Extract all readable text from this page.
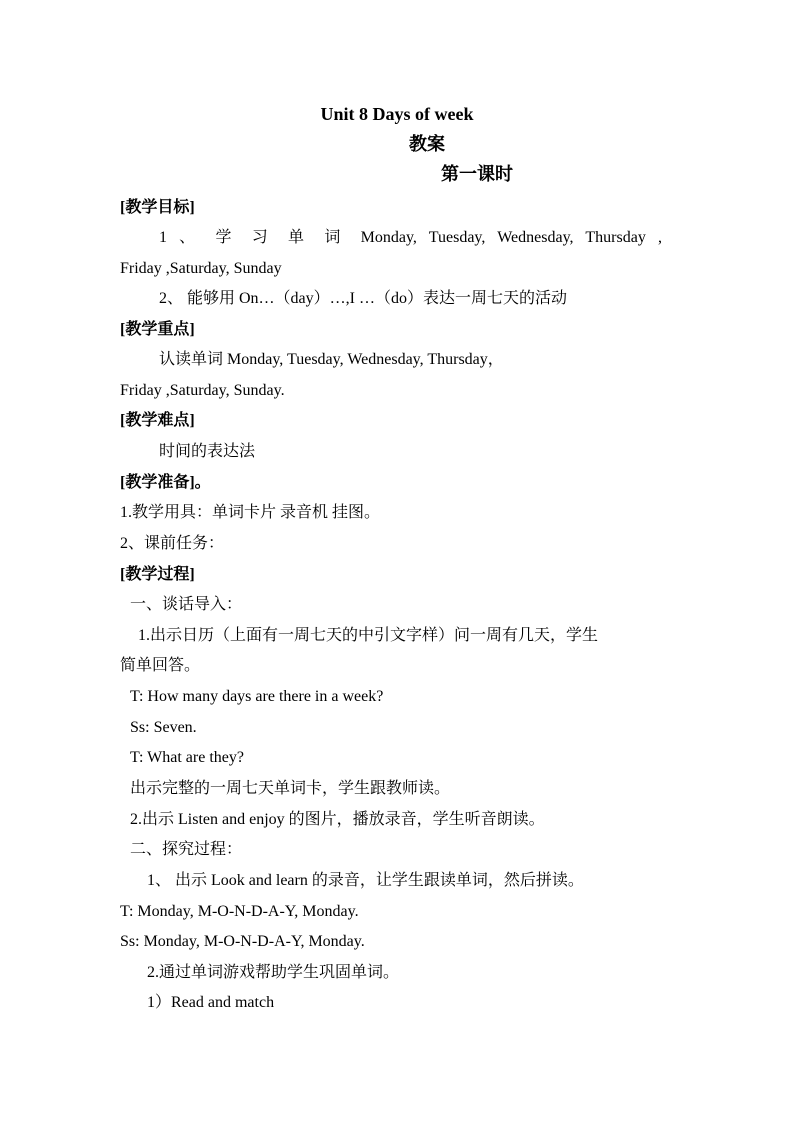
Unit 8 Days of week
教案
第一课时
[教学目标]
1 、 学 习 单 词 Monday, Tuesday, Wednesday, Thursday ,
Friday ,Saturday, Sunday
2、 能够用 On…（day）…,I …（do）表达一周七天的活动
[教学重点]
认读单词 Monday, Tuesday, Wednesday, Thursday，
Friday ,Saturday, Sunday.
[教学难点]
时间的表达法
[教学准备]。
1.教学用具：单词卡片 录音机 挂图。
2、课前任务：
[教学过程]
一、谈话导入：
1.出示日历（上面有一周七天的中引文字样）问一周有几天，学生
简单回答。
T: How many days are there in a week?
Ss: Seven.
T: What are they?
出示完整的一周七天单词卡，学生跟教师读。
2.出示 Listen and enjoy 的图片，播放录音，学生听音朗读。
二、探究过程：
1、 出示 Look and learn 的录音，让学生跟读单词，然后拼读。
T: Monday, M-O-N-D-A-Y, Monday.
Ss: Monday, M-O-N-D-A-Y, Monday.
2.通过单词游戏帮助学生巩固单词。
1）Read and match
